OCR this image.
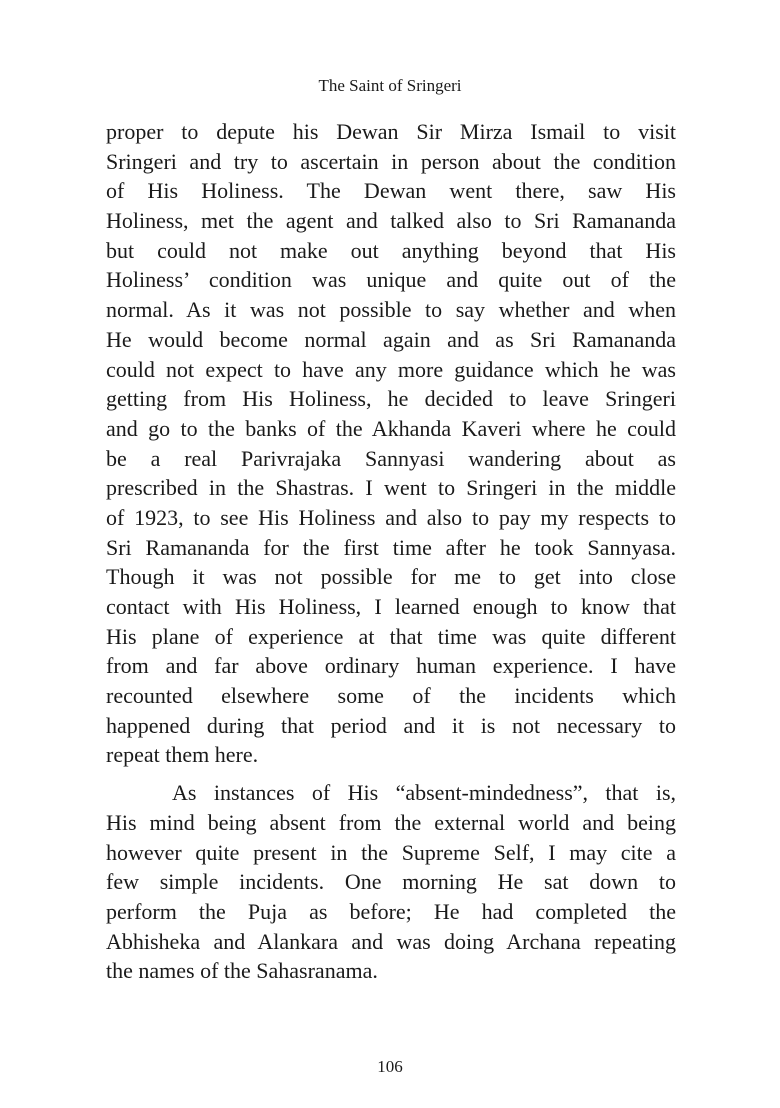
The Saint of Sringeri

proper to depute his Dewan Sir Mirza Ismail to visit
Sringeri and try to ascertain in person about the condition
of His Holiness. The Dewan went there, saw His
Holiness, met the agent and talked also to Sri Ramananda
but could not make out anything beyond that His
Holiness’ condition was unique and quite out of the
normal. As it was not possible to say whether and when
He would become normal again and as Sri Ramananda
could not expect to have any more guidance which he was
getting from His Holiness, he decided to leave Sringeri
and go to the banks of the Akhanda Kaveri where he could
be a real Parivrajaka Sannyasi wandering about as
prescribed in the Shastras. I went to Sringeri in the middle
of 1923, to see His Holiness and also to pay my respects to
Sri Ramananda for the first time after he took Sannyasa.
Though it was not possible for me to get into close
contact with His Holiness, I learned enough to know that
His plane of experience at that time was quite different
from and far above ordinary human experience. I have
recounted elsewhere some of the incidents which
happened during that period and it is not necessary to
repeat them here.
As instances of His “absent-mindedness”, that is,
His mind being absent from the external world and being
however quite present in the Supreme Self, I may cite a
few simple incidents. One morning He sat down to
perform the Puja as before; He had completed the
Abhisheka and Alankara and was doing Archana repeating
the names of the Sahasranama.

106
